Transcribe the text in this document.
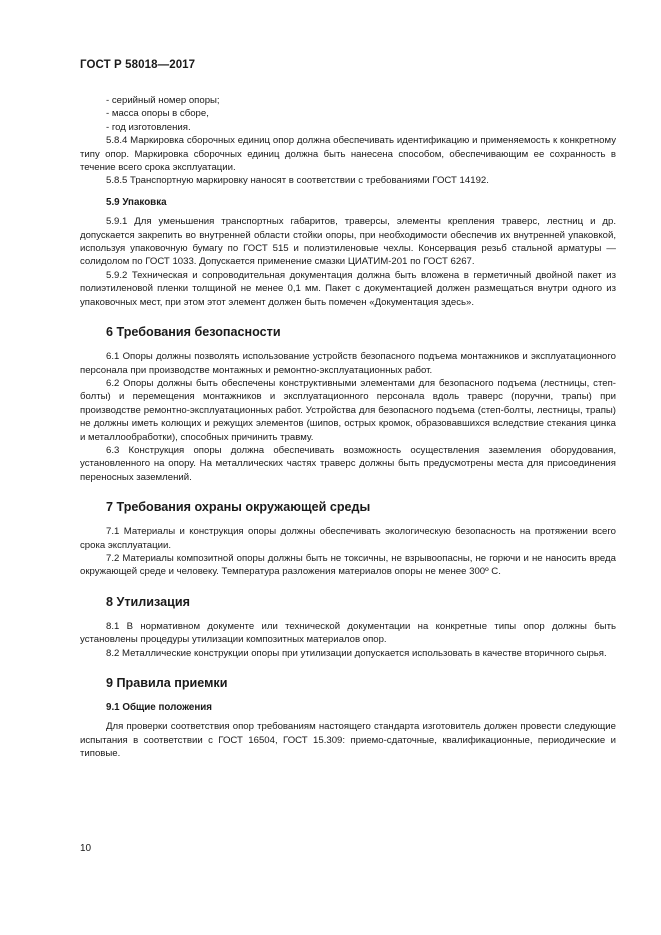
ГОСТ Р 58018—2017

- серийный номер опоры;

- масса опоры в сборе,

- год изготовления.

5.8.4 Маркировка сборочных единиц опор должна обеспечивать идентификацию и применяемость к конкретному типу опор. Маркировка сборочных единиц должна быть нанесена способом, обеспечивающим ее сохранность в течение всего срока эксплуатации.

5.8.5 Транспортную маркировку наносят в соответствии с требованиями ГОСТ 14192.

5.9 Упаковка

5.9.1 Для уменьшения транспортных габаритов, траверсы, элементы крепления траверс, лестниц и др. допускается закрепить во внутренней области стойки опоры, при необходимости обеспечив их внутренней упаковкой, используя упаковочную бумагу по ГОСТ 515 и полиэтиленовые чехлы. Консервация резьб стальной арматуры — солидолом по ГОСТ 1033. Допускается применение смазки ЦИАТИМ-201 по ГОСТ 6267.

5.9.2 Техническая и сопроводительная документация должна быть вложена в герметичный двойной пакет из полиэтиленовой пленки толщиной не менее 0,1 мм. Пакет с документацией должен размещаться внутри одного из упаковочных мест, при этом этот элемент должен быть помечен «Документация здесь».

6 Требования безопасности

6.1 Опоры должны позволять использование устройств безопасного подъема монтажников и эксплуатационного персонала при производстве монтажных и ремонтно-эксплуатационных работ.

6.2 Опоры должны быть обеспечены конструктивными элементами для безопасного подъема (лестницы, степ-болты) и перемещения монтажников и эксплуатационного персонала вдоль траверс (поручни, трапы) при производстве ремонтно-эксплуатационных работ. Устройства для безопасного подъема (степ-болты, лестницы, трапы) не должны иметь колющих и режущих элементов (шипов, острых кромок, образовавшихся вследствие стекания цинка и металлообработки), способных причинить травму.

6.3 Конструкция опоры должна обеспечивать возможность осуществления заземления оборудования, установленного на опору. На металлических частях траверс должны быть предусмотрены места для присоединения переносных заземлений.

7 Требования охраны окружающей среды

7.1 Материалы и конструкция опоры должны обеспечивать экологическую безопасность на протяжении всего срока эксплуатации.

7.2 Материалы композитной опоры должны быть не токсичны, не взрывоопасны, не горючи и не наносить вреда окружающей среде и человеку. Температура разложения материалов опоры не менее 300º С.

8 Утилизация

8.1 В нормативном документе или технической документации на конкретные типы опор должны быть установлены процедуры утилизации композитных материалов опор.

8.2 Металлические конструкции опоры при утилизации допускается использовать в качестве вторичного сырья.

9 Правила приемки

9.1 Общие положения

Для проверки соответствия опор требованиям настоящего стандарта изготовитель должен провести следующие испытания в соответствии с ГОСТ 16504, ГОСТ 15.309: приемо-сдаточные, квалификационные, периодические и типовые.

10
